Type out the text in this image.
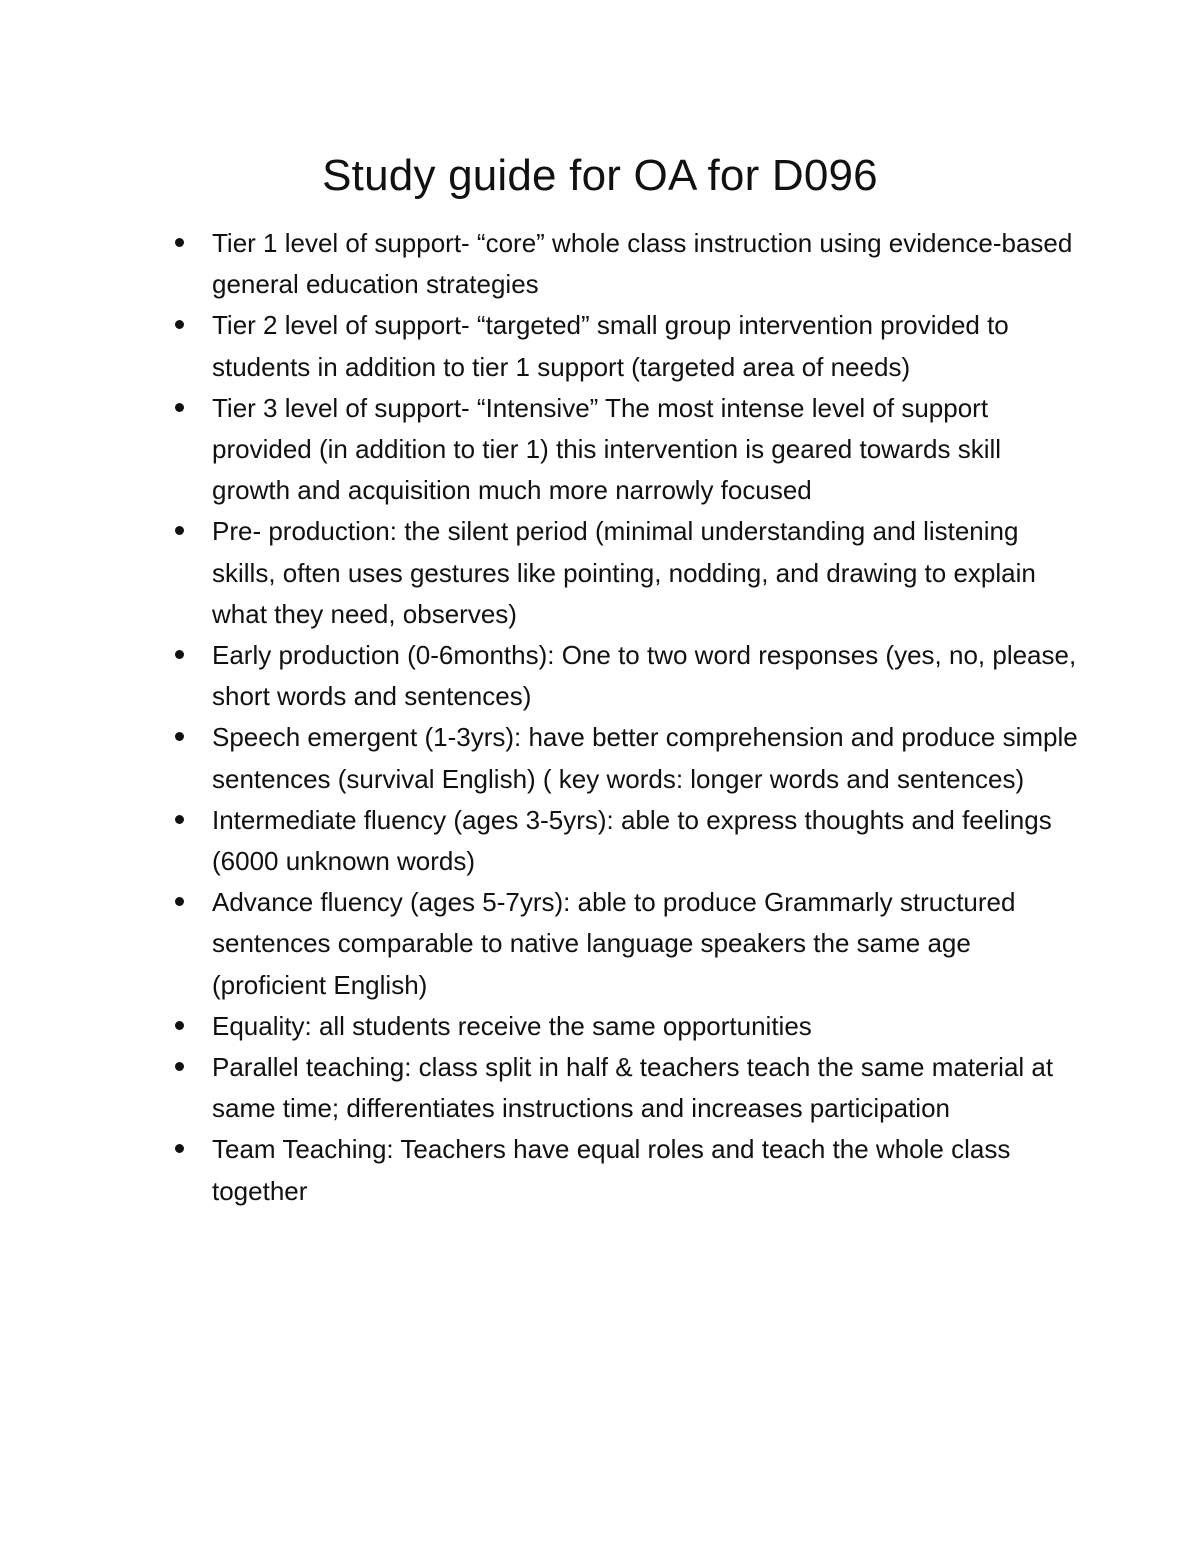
Study guide for OA for D096
Tier 1 level of support- “core” whole class instruction using evidence-based general education strategies
Tier 2 level of support- “targeted” small group intervention provided to students in addition to tier 1 support (targeted area of needs)
Tier 3 level of support- “Intensive” The most intense level of support provided (in addition to tier 1) this intervention is geared towards skill growth and acquisition much more narrowly focused
Pre- production: the silent period (minimal understanding and listening skills, often uses gestures like pointing, nodding, and drawing to explain what they need, observes)
Early production (0-6months): One to two word responses (yes, no, please, short words and sentences)
Speech emergent (1-3yrs): have better comprehension and produce simple sentences (survival English) ( key words: longer words and sentences)
Intermediate fluency (ages 3-5yrs): able to express thoughts and feelings (6000 unknown words)
Advance fluency (ages 5-7yrs): able to produce Grammarly structured sentences comparable to native language speakers the same age (proficient English)
Equality: all students receive the same opportunities
Parallel teaching: class split in half & teachers teach the same material at same time; differentiates instructions and increases participation
Team Teaching: Teachers have equal roles and teach the whole class together
